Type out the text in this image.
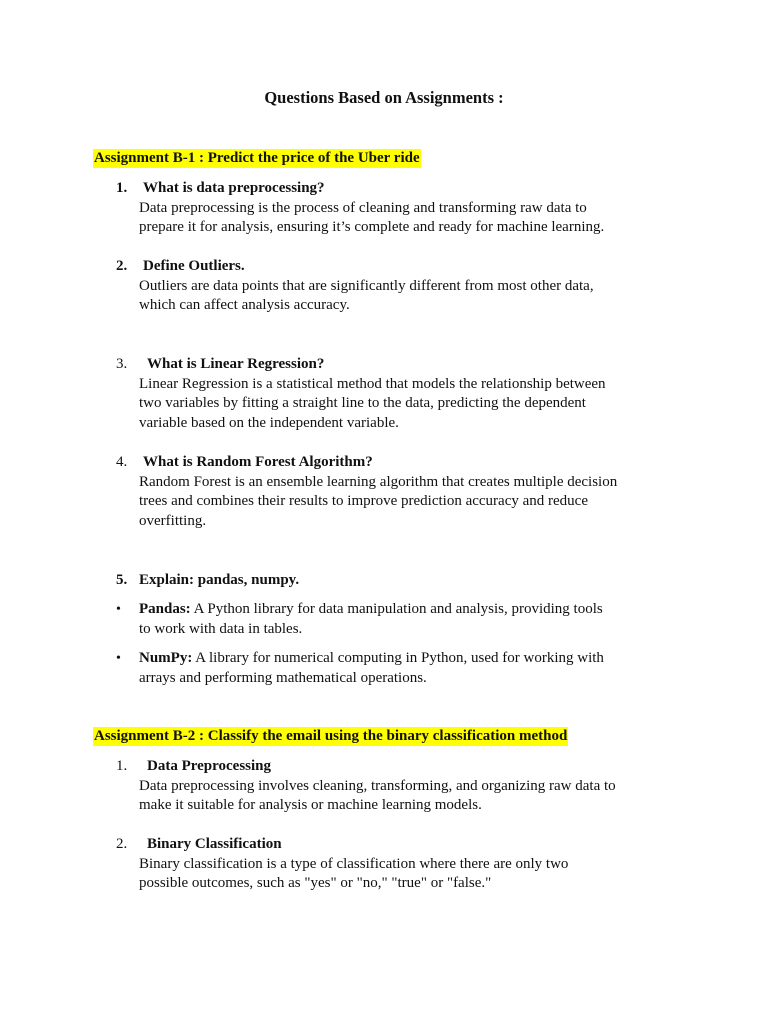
Questions Based on Assignments :
Assignment B-1 : Predict the price of the Uber ride
1. What is data preprocessing?
Data preprocessing is the process of cleaning and transforming raw data to
prepare it for analysis, ensuring it’s complete and ready for machine learning.
2. Define Outliers.
Outliers are data points that are significantly different from most other data,
which can affect analysis accuracy.
3. What is Linear Regression?
Linear Regression is a statistical method that models the relationship between
two variables by fitting a straight line to the data, predicting the dependent
variable based on the independent variable.
4. What is Random Forest Algorithm?
Random Forest is an ensemble learning algorithm that creates multiple decision
trees and combines their results to improve prediction accuracy and reduce
overfitting.
5. Explain: pandas, numpy.
• Pandas: A Python library for data manipulation and analysis, providing tools
to work with data in tables.
• NumPy: A library for numerical computing in Python, used for working with
arrays and performing mathematical operations.
Assignment B-2 : Classify the email using the binary classification method
1. Data Preprocessing
Data preprocessing involves cleaning, transforming, and organizing raw data to
make it suitable for analysis or machine learning models.
2. Binary Classification
Binary classification is a type of classification where there are only two
possible outcomes, such as "yes" or "no," "true" or "false."
